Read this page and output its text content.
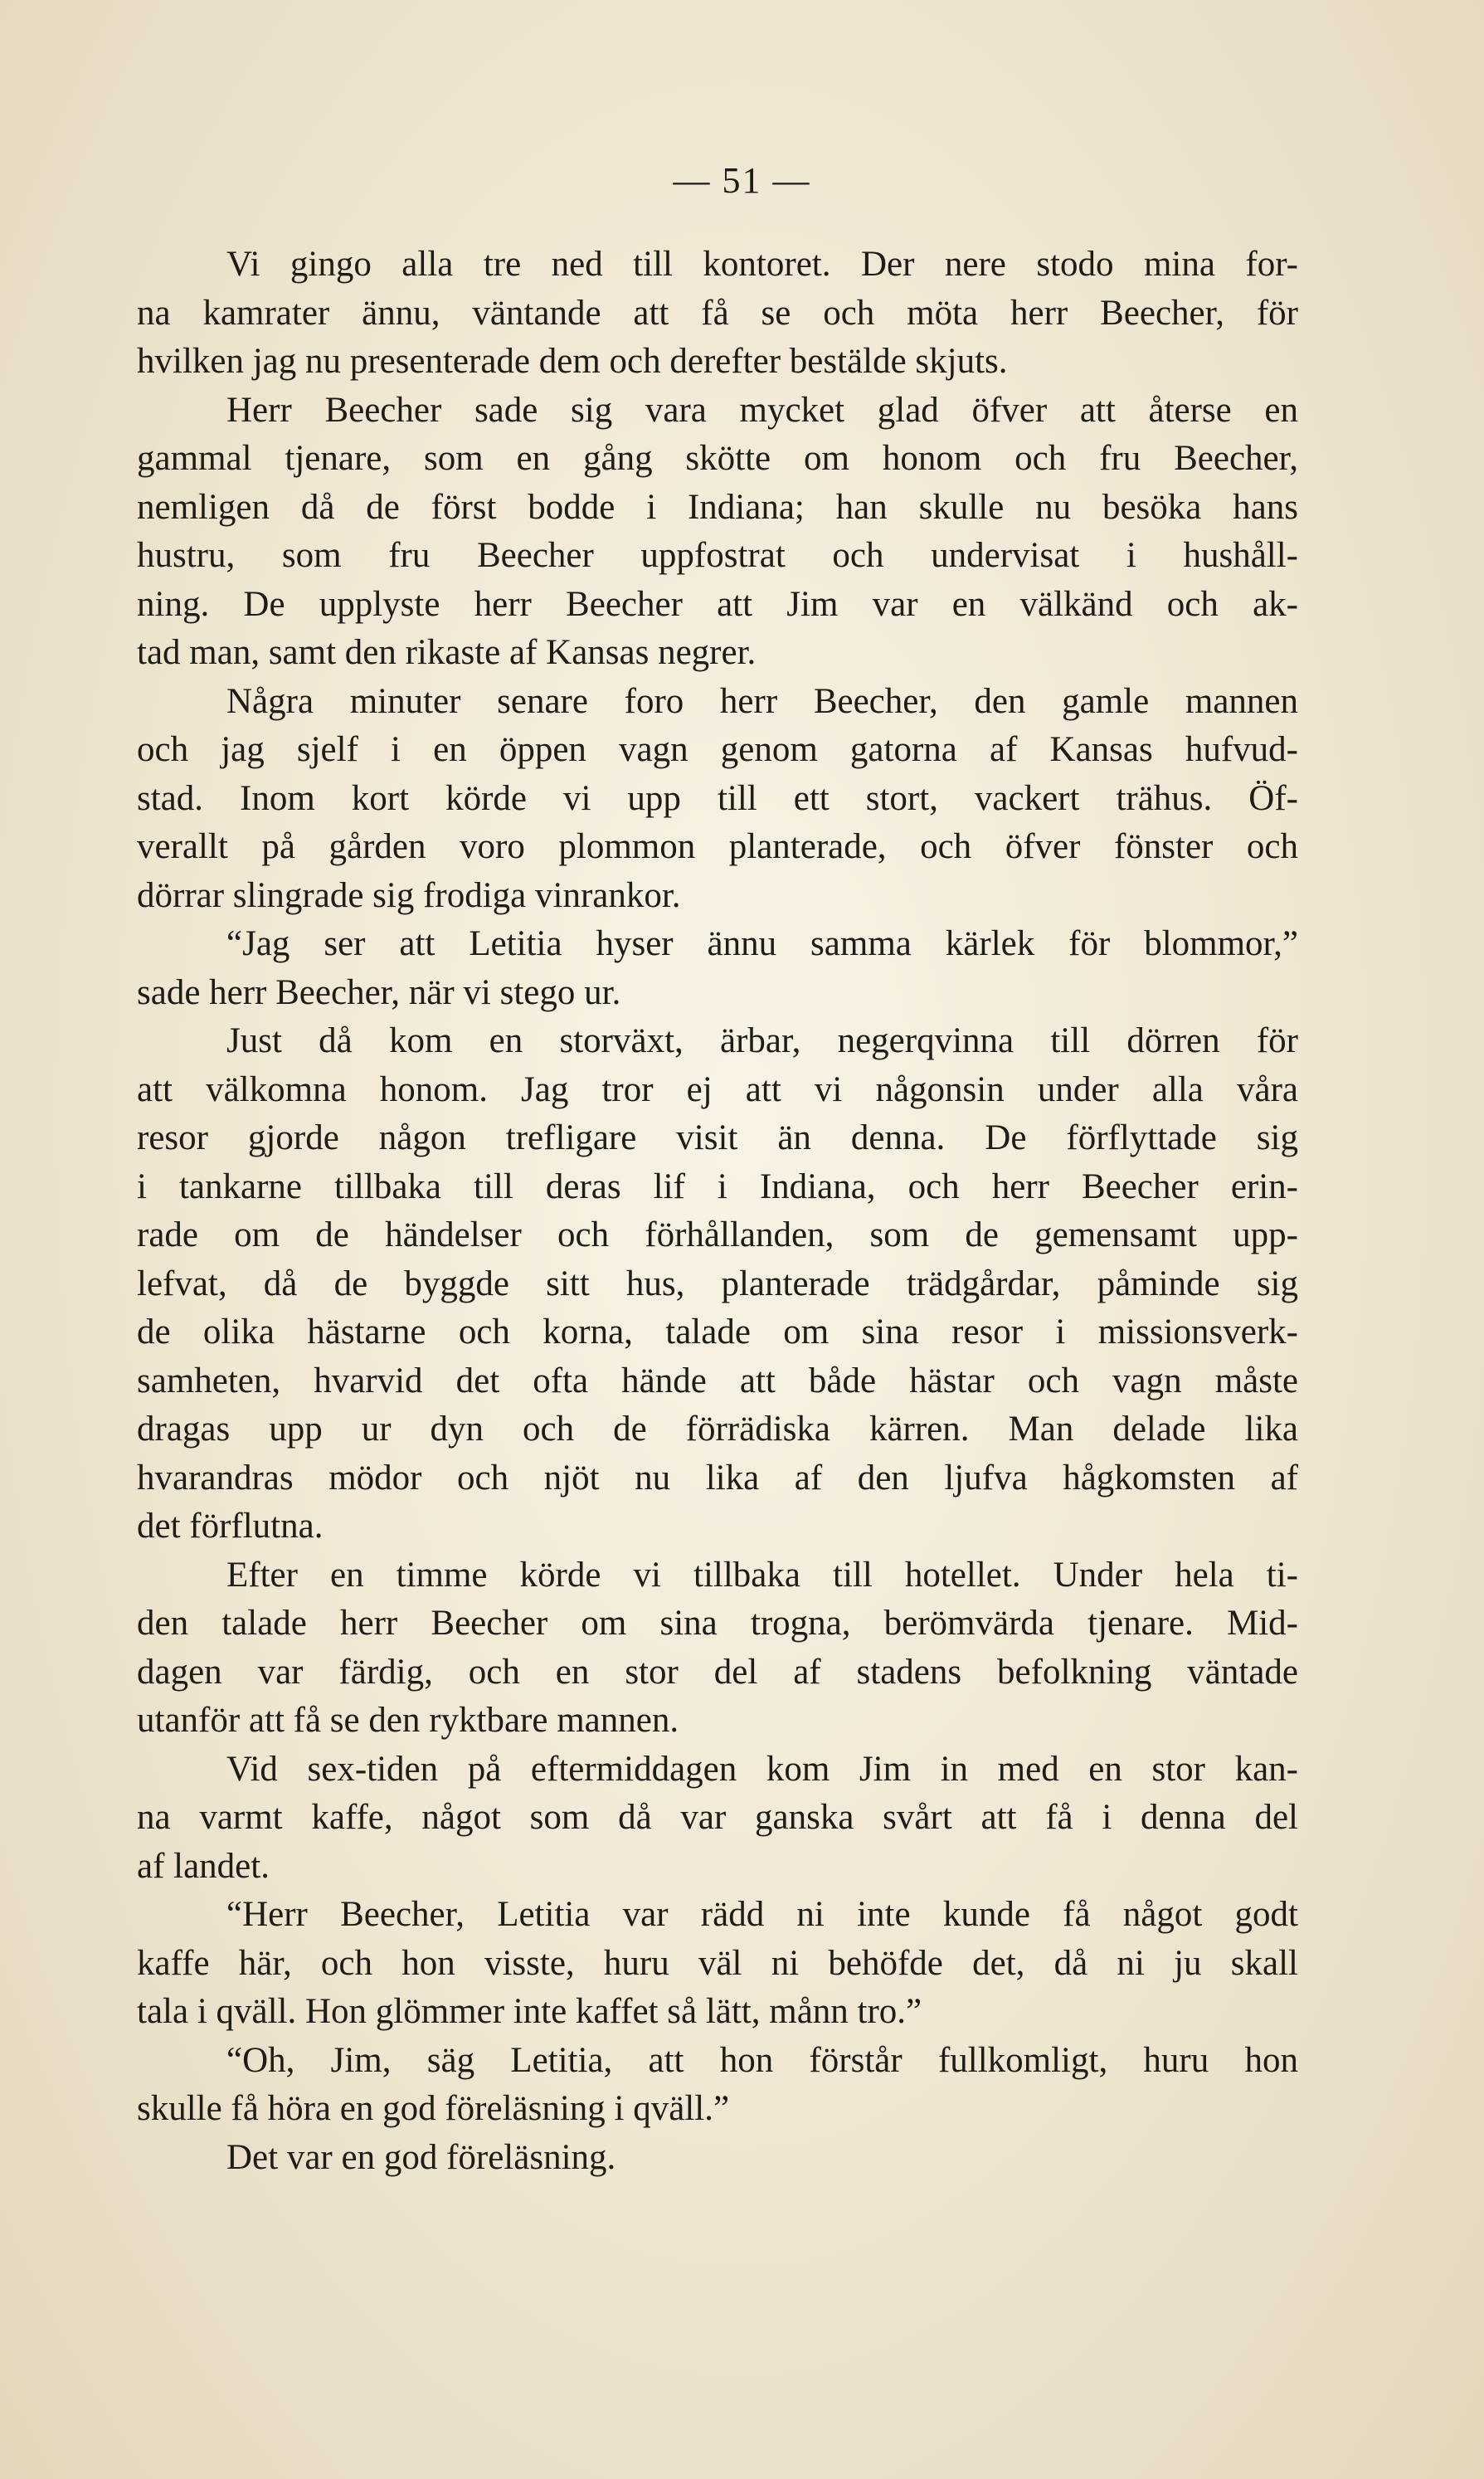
— 51 —

Vi gingo alla tre ned till kontoret. Der nere stodo mina for-
na kamrater ännu, väntande att få se och möta herr Beecher, för
hvilken jag nu presenterade dem och derefter bestälde skjuts.

Herr Beecher sade sig vara mycket glad öfver att återse en
gammal tjenare, som en gång skötte om honom och fru Beecher,
nemligen då de först bodde i Indiana; han skulle nu besöka hans
hustru, som fru Beecher uppfostrat och undervisat i hushåll-
ning. De upplyste herr Beecher att Jim var en välkänd och ak-
tad man, samt den rikaste af Kansas negrer.

Några minuter senare foro herr Beecher, den gamle mannen
och jag sjelf i en öppen vagn genom gatorna af Kansas hufvud-
stad. Inom kort körde vi upp till ett stort, vackert trähus. Öf-
verallt på gården voro plommon planterade, och öfver fönster och
dörrar slingrade sig frodiga vinrankor.

“Jag ser att Letitia hyser ännu samma kärlek för blommor,”
sade herr Beecher, när vi stego ur.

Just då kom en storväxt, ärbar, negerqvinna till dörren för
att välkomna honom. Jag tror ej att vi någonsin under alla våra
resor gjorde någon trefligare visit än denna. De förflyttade sig
i tankarne tillbaka till deras lif i Indiana, och herr Beecher erin-
rade om de händelser och förhållanden, som de gemensamt upp-
lefvat, då de byggde sitt hus, planterade trädgårdar, påminde sig
de olika hästarne och korna, talade om sina resor i missionsverk-
samheten, hvarvid det ofta hände att både hästar och vagn måste
dragas upp ur dyn och de förrädiska kärren. Man delade lika
hvarandras mödor och njöt nu lika af den ljufva hågkomsten af
det förflutna.

Efter en timme körde vi tillbaka till hotellet. Under hela ti-
den talade herr Beecher om sina trogna, berömvärda tjenare. Mid-
dagen var färdig, och en stor del af stadens befolkning väntade
utanför att få se den ryktbare mannen.

Vid sex-tiden på eftermiddagen kom Jim in med en stor kan-
na varmt kaffe, något som då var ganska svårt att få i denna del
af landet.

“Herr Beecher, Letitia var rädd ni inte kunde få något godt
kaffe här, och hon visste, huru väl ni behöfde det, då ni ju skall
tala i qväll. Hon glömmer inte kaffet så lätt, månn tro.”

“Oh, Jim, säg Letitia, att hon förstår fullkomligt, huru hon
skulle få höra en god föreläsning i qväll.”

Det var en god föreläsning.
